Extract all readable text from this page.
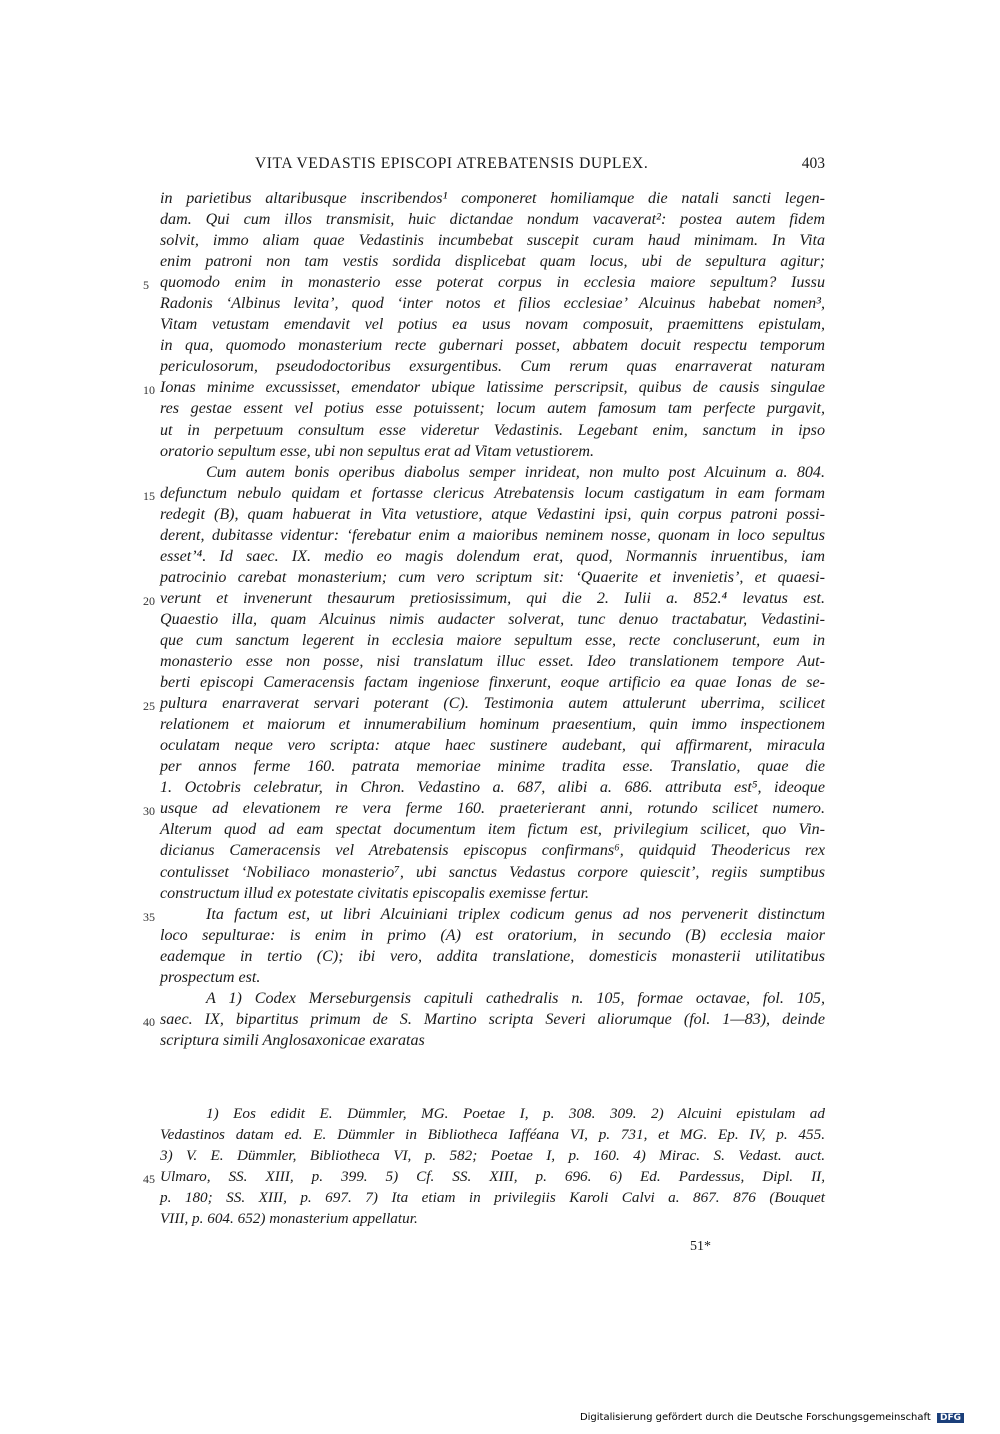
VITA VEDASTIS EPISCOPI ATREBATENSIS DUPLEX.	403
in parietibus altaribusque inscribendos¹ componeret homiliamque die natali sancti legen-
dam. Qui cum illos transmisit, huic dictandae nondum vacaverat²: postea autem fidem
solvit, immo aliam quae Vedastinis incumbebat suscepit curam haud minimam. In Vita
enim patroni non tam vestis sordida displicebat quam locus, ubi de sepultura agitur;
5 quomodo enim in monasterio esse poterat corpus in ecclesia maiore sepultum? Iussu
Radonis ‘Albinus levita’, quod ‘inter notos et filios ecclesiae’ Alcuinus habebat nomen³,
Vitam vetustam emendavit vel potius ea usus novam composuit, praemittens epistulam,
in qua, quomodo monasterium recte gubernari posset, abbatem docuit respectu temporum
periculosorum, pseudodoctoribus exsurgentibus. Cum rerum quas enarraverat naturam
10 Ionas minime excussisset, emendator ubique latissime perscripsit, quibus de causis singulae
res gestae essent vel potius esse potuissent; locum autem famosum tam perfecte purgavit,
ut in perpetuum consultum esse videretur Vedastinis. Legebant enim, sanctum in ipso
oratorio sepultum esse, ubi non sepultus erat ad Vitam vetustiorem.
Cum autem bonis operibus diabolus semper inrideat, non multo post Alcuinum a. 804.
15 defunctum nebulo quidam et fortasse clericus Atrebatensis locum castigatum in eam formam
redegit (B), quam habuerat in Vita vetustiore, atque Vedastini ipsi, quin corpus patroni possi-
derent, dubitasse videntur: ‘ferebatur enim a maioribus neminem nosse, quonam in loco sepultus
esset’⁴. Id saec. IX. medio eo magis dolendum erat, quod, Normannis inruentibus, iam
patrocinio carebat monasterium; cum vero scriptum sit: ‘Quaerite et invenietis’, et quaesi-
20 verunt et invenerunt thesaurum pretiosissimum, qui die 2. Iulii a. 852.⁴ levatus est.
Quaestio illa, quam Alcuinus nimis audacter solverat, tunc denuo tractabatur, Vedastini-
que cum sanctum legerent in ecclesia maiore sepultum esse, recte concluserunt, eum in
monasterio esse non posse, nisi translatum illuc esset. Ideo translationem tempore Aut-
berti episcopi Cameracensis factam ingeniose finxerunt, eoque artificio ea quae Ionas de se-
25 pultura enarraverat servari poterant (C). Testimonia autem attulerunt uberrima, scilicet
relationem et maiorum et innumerabilium hominum praesentium, quin immo inspectionem
oculatam neque vero scripta: atque haec sustinere audebant, qui affirmarent, miracula
per annos ferme 160. patrata memoriae minime tradita esse. Translatio, quae die
1. Octobris celebratur, in Chron. Vedastino a. 687, alibi a. 686. attributa est⁵, ideoque
30 usque ad elevationem re vera ferme 160. praeterierant anni, rotundo scilicet numero.
Alterum quod ad eam spectat documentum item fictum est, privilegium scilicet, quo Vin-
dicianus Cameracensis vel Atrebatensis episcopus confirmans⁶, quidquid Theodericus rex
contulisset ‘Nobiliaco monasterio⁷, ubi sanctus Vedastus corpore quiescit’, regiis sumptibus
constructum illud ex potestate civitatis episcopalis exemisse fertur.
35	Ita factum est, ut libri Alcuiniani triplex codicum genus ad nos pervenerit distinctum
loco sepulturae: is enim in primo (A) est oratorium, in secundo (B) ecclesia maior
eademque in tertio (C); ibi vero, addita translatione, domesticis monasterii utilitatibus
prospectum est.
A 1) Codex Merseburgensis capituli cathedralis n. 105, formae octavae, fol. 105,
40 saec. IX, bipartitus primum de S. Martino scripta Severi aliorumque (fol. 1—83), deinde
scriptura simili Anglosaxonicae exaratas
1) Eos edidit E. Dümmler, MG. Poetae I, p. 308. 309. 2) Alcuini epistulam ad
Vedastinos datam ed. E. Dümmler in Bibliotheca Iafféana VI, p. 731, et MG. Ep. IV, p. 455.
3) V. E. Dümmler, Bibliotheca VI, p. 582; Poetae I, p. 160. 4) Mirac. S. Vedast. auct.
45 Ulmaro, SS. XIII, p. 399. 5) Cf. SS. XIII, p. 696. 6) Ed. Pardessus, Dipl. II,
p. 180; SS. XIII, p. 697. 7) Ita etiam in privilegiis Karoli Calvi a. 867. 876 (Bouquet
VIII, p. 604. 652) monasterium appellatur.
51*
Digitalisierung gefördert durch die Deutsche Forschungsgemeinschaft DFG
